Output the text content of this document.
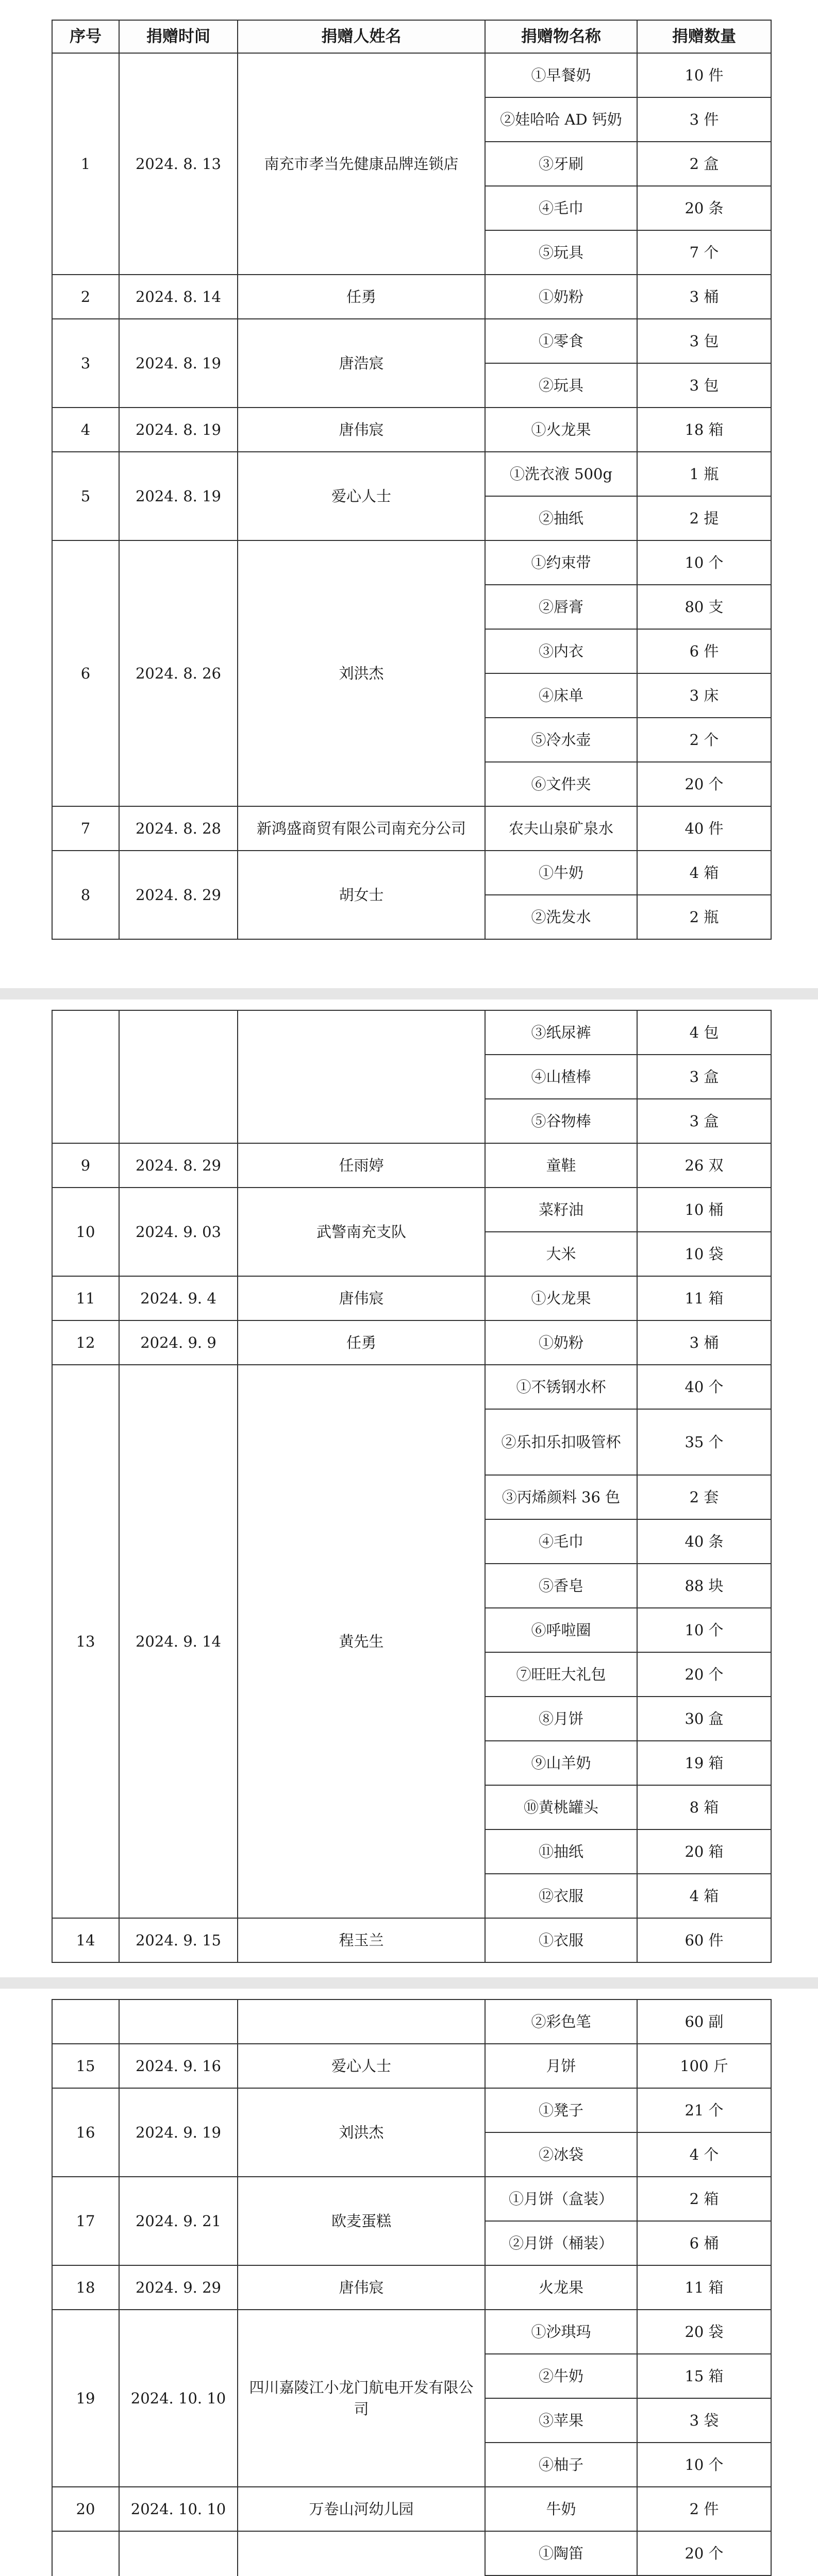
序号	捐赠时间	捐赠人姓名	捐赠物名称	捐赠数量
1	2024. 8. 13	南充市孝当先健康品牌连锁店	①早餐奶	10 件
			②娃哈哈 AD 钙奶	3 件
			③牙刷	2 盒
			④毛巾	20 条
			⑤玩具	7 个
2	2024. 8. 14	任勇	①奶粉	3 桶
3	2024. 8. 19	唐浩宸	①零食	3 包
			②玩具	3 包
4	2024. 8. 19	唐伟宸	①火龙果	18 箱
5	2024. 8. 19	爱心人士	①洗衣液 500g	1 瓶
			②抽纸	2 提
6	2024. 8. 26	刘洪杰	①约束带	10 个
			②唇膏	80 支
			③内衣	6 件
			④床单	3 床
			⑤冷水壶	2 个
			⑥文件夹	20 个
7	2024. 8. 28	新鸿盛商贸有限公司南充分公司	农夫山泉矿泉水	40 件
8	2024. 8. 29	胡女士	①牛奶	4 箱
			②洗发水	2 瓶
			③纸尿裤	4 包
			④山楂棒	3 盒
			⑤谷物棒	3 盒
9	2024. 8. 29	任雨婷	童鞋	26 双
10	2024. 9. 03	武警南充支队	菜籽油	10 桶
			大米	10 袋
11	2024. 9. 4	唐伟宸	①火龙果	11 箱
12	2024. 9. 9	任勇	①奶粉	3 桶
13	2024. 9. 14	黄先生	①不锈钢水杯	40 个
			②乐扣乐扣吸管杯	35 个
			③丙烯颜料 36 色	2 套
			④毛巾	40 条
			⑤香皂	88 块
			⑥呼啦圈	10 个
			⑦旺旺大礼包	20 个
			⑧月饼	30 盒
			⑨山羊奶	19 箱
			⑩黄桃罐头	8 箱
			⑪抽纸	20 箱
			⑫衣服	4 箱
14	2024. 9. 15	程玉兰	①衣服	60 件
			②彩色笔	60 副
15	2024. 9. 16	爱心人士	月饼	100 斤
16	2024. 9. 19	刘洪杰	①凳子	21 个
			②冰袋	4 个
17	2024. 9. 21	欧麦蛋糕	①月饼（盒装）	2 箱
			②月饼（桶装）	6 桶
18	2024. 9. 29	唐伟宸	火龙果	11 箱
19	2024. 10. 10	四川嘉陵江小龙门航电开发有限公司	①沙琪玛	20 袋
			②牛奶	15 箱
			③苹果	3 袋
			④柚子	10 个
20	2024. 10. 10	万卷山河幼儿园	牛奶	2 件
			①陶笛	20 个
